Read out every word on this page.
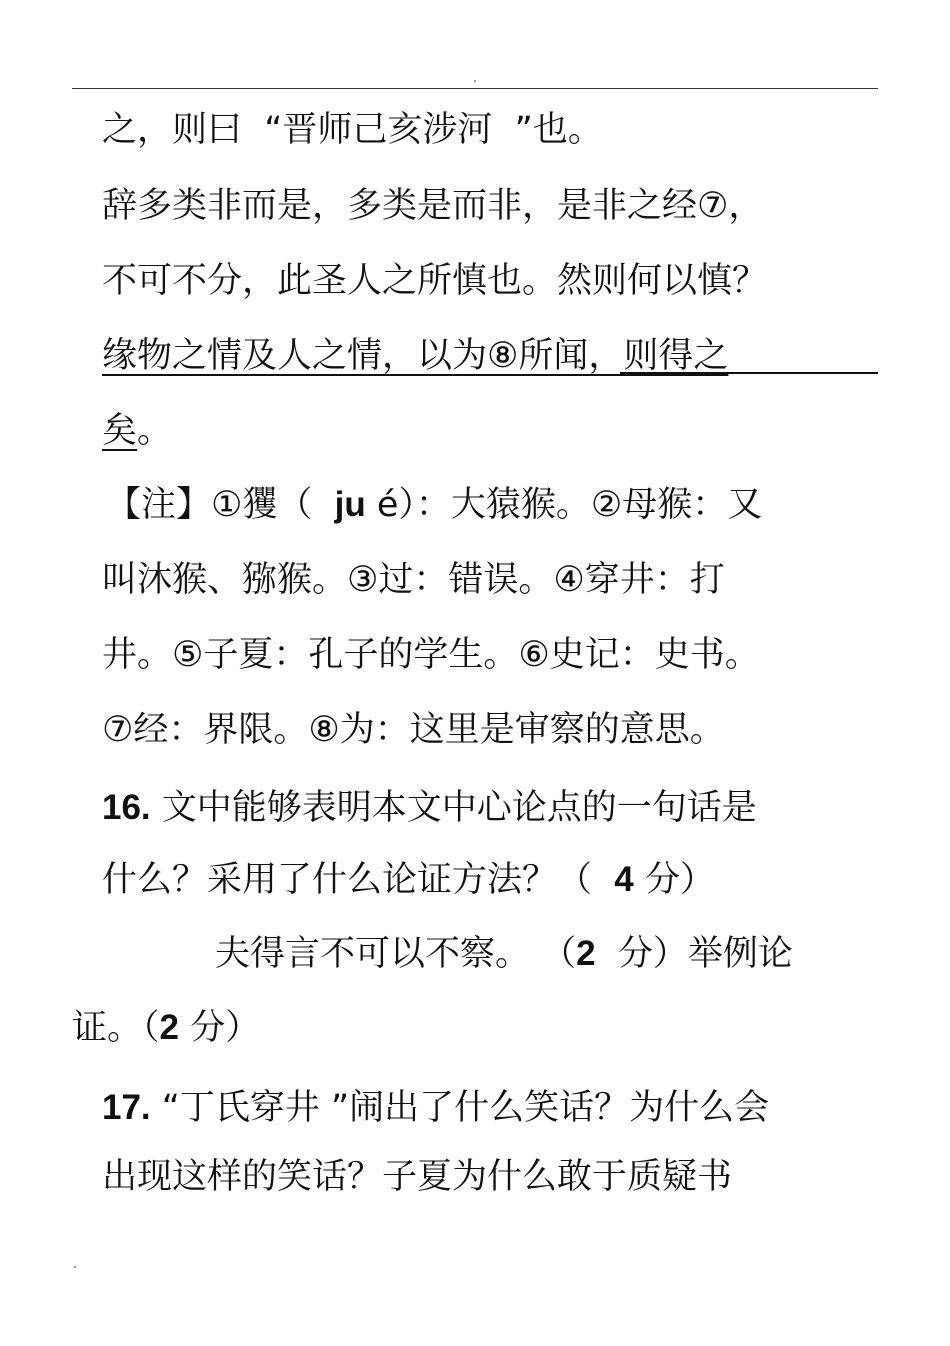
之，则曰  “晋师己亥涉河  ”也。
辞多类非而是，多类是而非，是非之经⑦，
不可不分，此圣人之所慎也。然则何以慎？
缘物之情及人之情，以为⑧所闻，则得之
矣。
【注】①玃（  ju é）：大猿猴。②母猴：又
叫沐猴、猕猴。③过：错误。④穿井：打
井。⑤子夏：孔子的学生。⑥史记：史书。
⑦经：界限。⑧为：这里是审察的意思。
16. 文中能够表明本文中心论点的一句话是
什么？采用了什么论证方法？（  4 分）
夫得言不可以不察。 （2  分）举例论
证。（2 分）
17. “丁氏穿井 ”闹出了什么笑话？为什么会
出现这样的笑话？子夏为什么敢于质疑书
